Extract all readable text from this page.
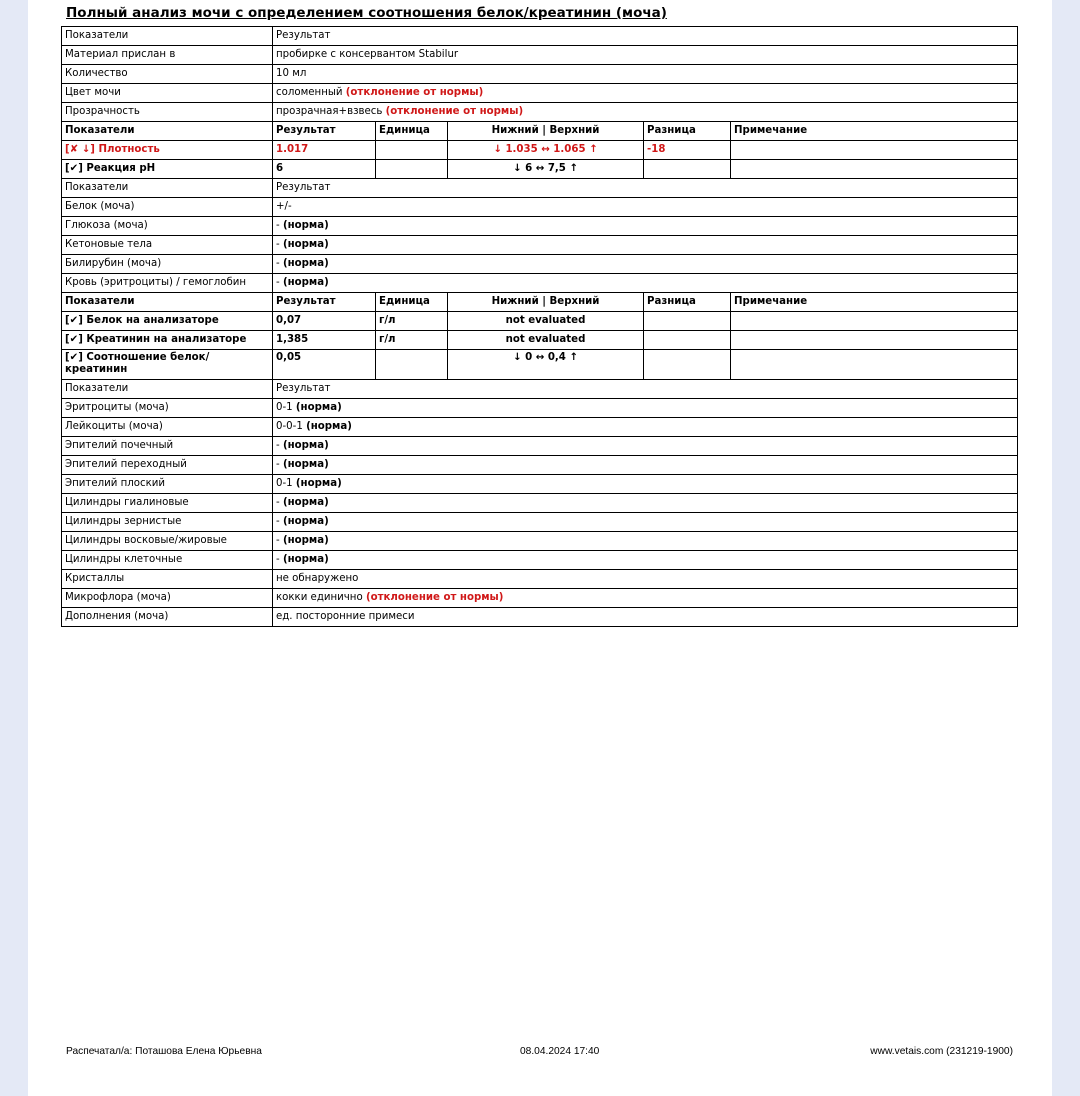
Полный анализ мочи с определением соотношения белок/креатинин (моча)
Показатели	Результат				
Материал прислан в	пробирке с консервантом Stabilur				
Количество	10 мл				
Цвет мочи	соломенный (отклонение от нормы)				
Прозрачность	прозрачная+взвесь (отклонение от нормы)				
Показатели	Результат	Единица	Нижний | Верхний	Разница	Примечание
[✘ ↓] Плотность	1.017		↓ 1.035 ↔ 1.065 ↑	-18	
[✔] Реакция pH	6		↓ 6 ↔ 7,5 ↑		
Показатели	Результат				
Белок (моча)	+/-				
Глюкоза (моча)	- (норма)				
Кетоновые тела	- (норма)				
Билирубин (моча)	- (норма)				
Кровь (эритроциты) / гемоглобин	- (норма)				
Показатели	Результат	Единица	Нижний | Верхний	Разница	Примечание
[✔] Белок на анализаторе	0,07	г/л	not evaluated		
[✔] Креатинин на анализаторе	1,385	г/л	not evaluated		
[✔] Соотношение белок/креатинин	0,05		↓ 0 ↔ 0,4 ↑		
Показатели	Результат				
Эритроциты (моча)	0-1 (норма)				
Лейкоциты (моча)	0-0-1 (норма)				
Эпителий почечный	- (норма)				
Эпителий переходный	- (норма)				
Эпителий плоский	0-1 (норма)				
Цилиндры гиалиновые	- (норма)				
Цилиндры зернистые	- (норма)				
Цилиндры восковые/жировые	- (норма)				
Цилиндры клеточные	- (норма)				
Кристаллы	не обнаружено				
Микрофлора (моча)	кокки единично (отклонение от нормы)				
Дополнения (моча)	ед. посторонние примеси				
Распечатал/а: Поташова Елена Юрьевна	08.04.2024 17:40	www.vetais.com (231219-1900)
